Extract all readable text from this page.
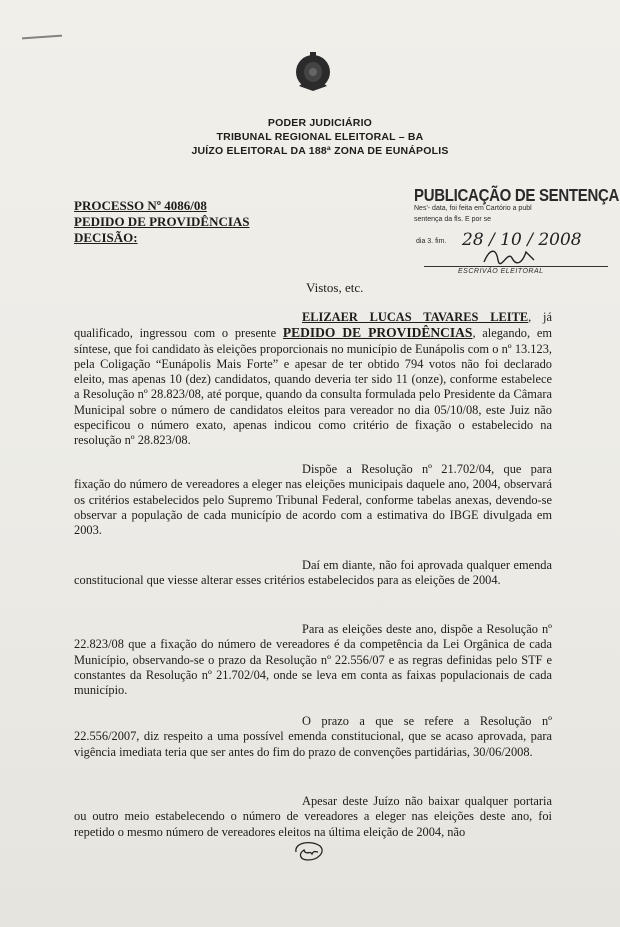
PODER JUDICIÁRIO
TRIBUNAL REGIONAL ELEITORAL – BA
JUÍZO ELEITORAL DA 188ª ZONA DE EUNÁPOLIS
PROCESSO Nº 4086/08
PEDIDO DE PROVIDÊNCIAS
DECISÃO:
PUBLICAÇÃO DE SENTENÇA
Nes'- data, foi feita em Cartório a publ
sentença da fls. E por se
dia 3. fim. 28 / 10 / 2008
ESCRIVÃO ELEITORAL
Vistos, etc.
ELIZAER LUCAS TAVARES LEITE, já qualificado, ingressou com o presente PEDIDO DE PROVIDÊNCIAS, alegando, em síntese, que foi candidato às eleições proporcionais no município de Eunápolis com o nº 13.123, pela Coligação “Eunápolis Mais Forte” e apesar de ter obtido 794 votos não foi declarado eleito, mas apenas 10 (dez) candidatos, quando deveria ter sido 11 (onze), conforme estabelece a Resolução nº 28.823/08, até porque, quando da consulta formulada pelo Presidente da Câmara Municipal sobre o número de candidatos eleitos para vereador no dia 05/10/08, este Juiz não especificou o número exato, apenas indicou como critério de fixação o estabelecido na resolução nº 28.823/08.
Dispõe a Resolução nº 21.702/04, que para fixação do número de vereadores a eleger nas eleições municipais daquele ano, 2004, observará os critérios estabelecidos pelo Supremo Tribunal Federal, conforme tabelas anexas, devendo-se observar a população de cada município de acordo com a estimativa do IBGE divulgada em 2003.
Daí em diante, não foi aprovada qualquer emenda constitucional que viesse alterar esses critérios estabelecidos para as eleições de 2004.
Para as eleições deste ano, dispõe a Resolução nº 22.823/08 que a fixação do número de vereadores é da competência da Lei Orgânica de cada Município, observando-se o prazo da Resolução nº 22.556/07 e as regras definidas pelo STF e constantes da Resolução nº 21.702/04, onde se leva em conta as faixas populacionais de cada município.
O prazo a que se refere a Resolução nº 22.556/2007, diz respeito a uma possível emenda constitucional, que se acaso aprovada, para vigência imediata teria que ser antes do fim do prazo de convenções partidárias, 30/06/2008.
Apesar deste Juízo não baixar qualquer portaria ou outro meio estabelecendo o número de vereadores a eleger nas eleições deste ano, foi repetido o mesmo número de vereadores eleitos na última eleição de 2004, não
